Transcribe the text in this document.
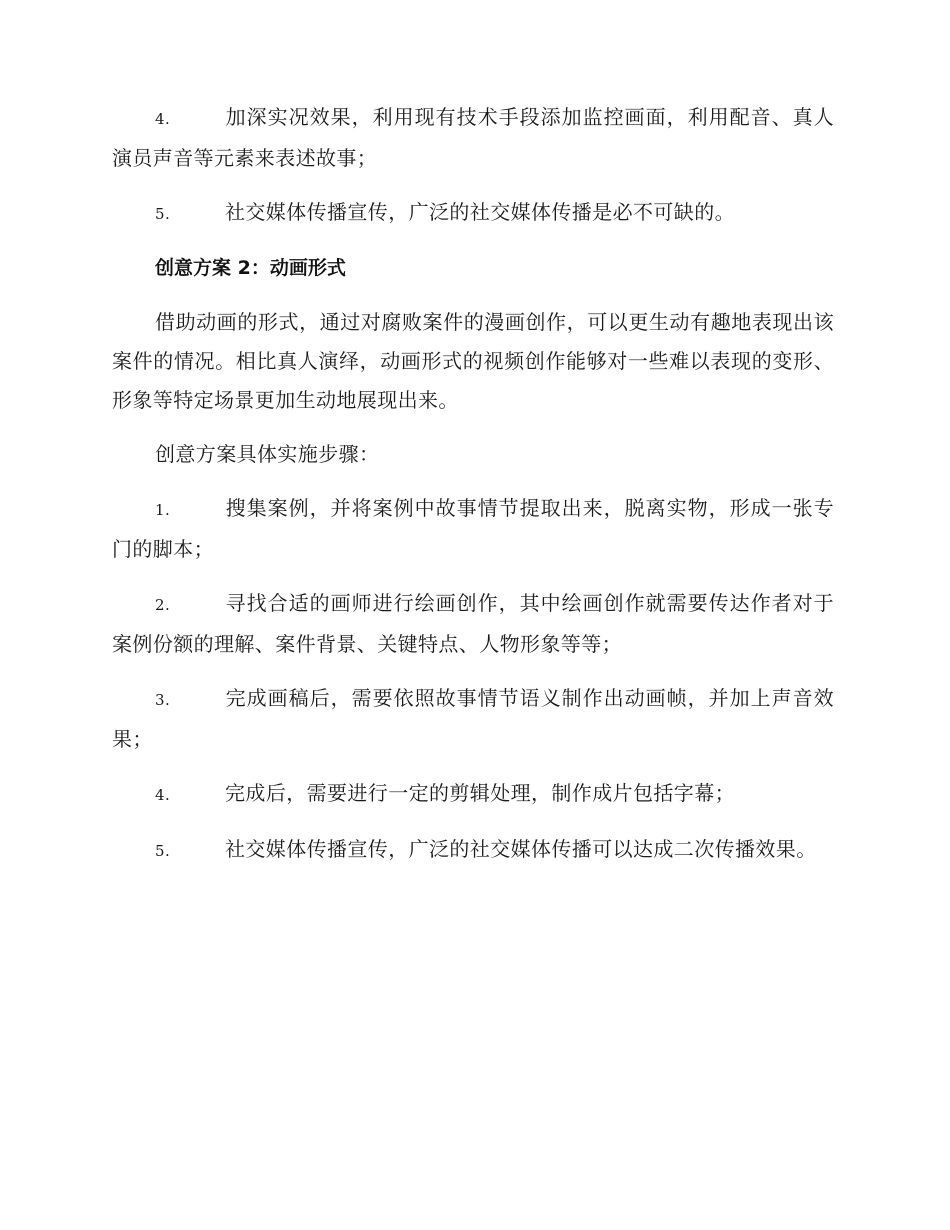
4.	加深实况效果，利用现有技术手段添加监控画面，利用配音、真人演员声音等元素来表述故事；

5.	社交媒体传播宣传，广泛的社交媒体传播是必不可缺的。

创意方案 2：动画形式

借助动画的形式，通过对腐败案件的漫画创作，可以更生动有趣地表现出该案件的情况。相比真人演绎，动画形式的视频创作能够对一些难以表现的变形、形象等特定场景更加生动地展现出来。

创意方案具体实施步骤：

1.	搜集案例，并将案例中故事情节提取出来，脱离实物，形成一张专门的脚本；

2.	寻找合适的画师进行绘画创作，其中绘画创作就需要传达作者对于案例份额的理解、案件背景、关键特点、人物形象等等；

3.	完成画稿后，需要依照故事情节语义制作出动画帧，并加上声音效果；

4.	完成后，需要进行一定的剪辑处理，制作成片包括字幕；

5.	社交媒体传播宣传，广泛的社交媒体传播可以达成二次传播效果。
